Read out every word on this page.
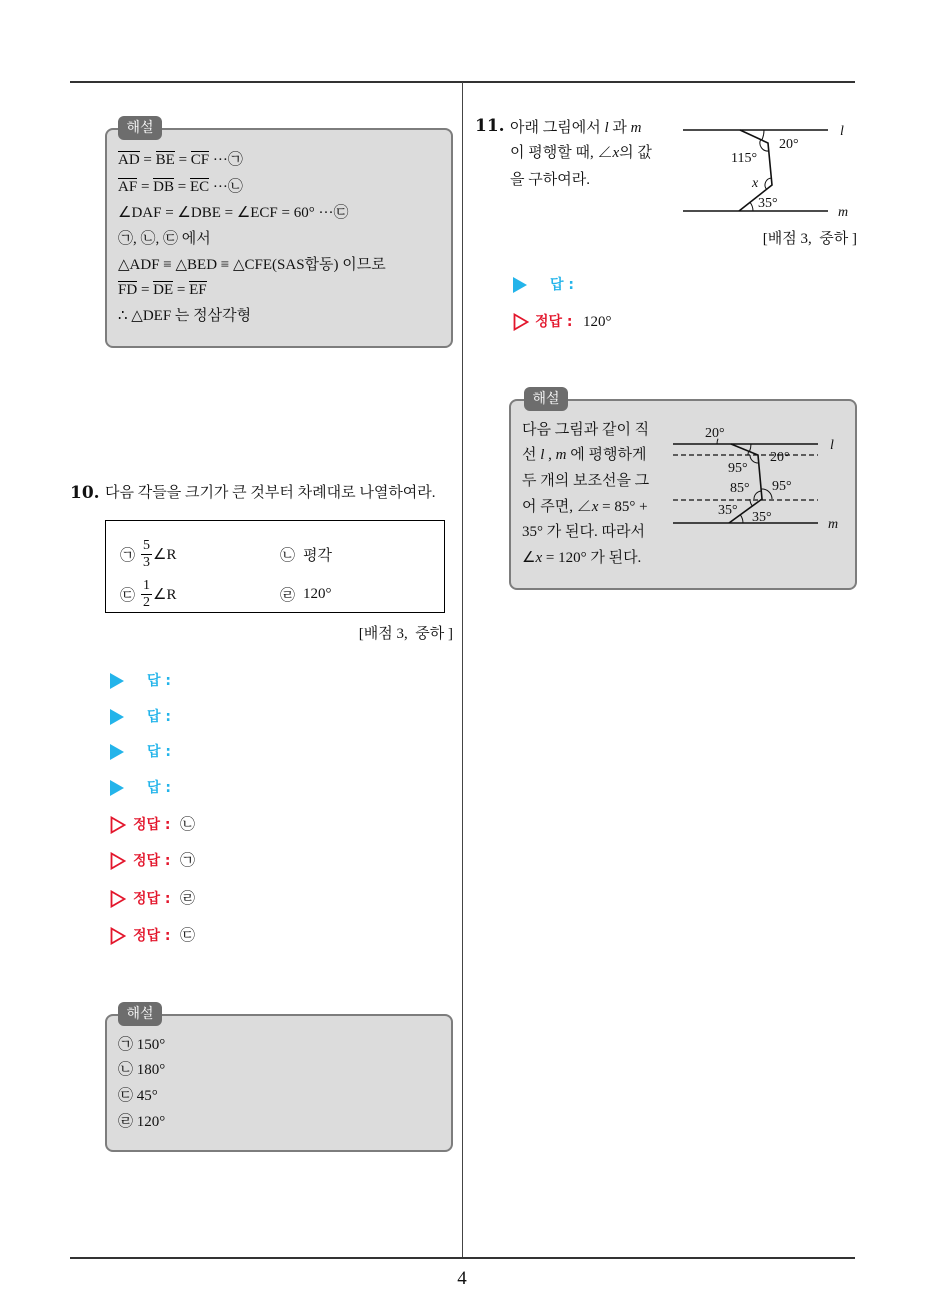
해설
AD = BE = CF ···㉠
AF = DB = EC ···㉡
∠DAF = ∠DBE = ∠ECF = 60° ···㉢
㉠, ㉡, ㉢ 에서
△ADF ≡ △BED ≡ △CFE(SAS합동) 이므로
FD = DE = EF
∴ △DEF 는 정삼각형
10. 다음 각들을 크기가 큰 것부터 차례대로 나열하여라.
㉠ $\frac{5}{3}$ ∠R	㉡ 평각
㉢ $\frac{1}{2}$ ∠R	㉣ 120°
[배점 3,  중하 ]
답 :
답 :
답 :
답 :
정답 : ㉡
정답 : ㉠
정답 : ㉣
정답 : ㉢
해설
㉠ 150°
㉡ 180°
㉢ 45°
㉣ 120°
11. 아래 그림에서 l 과 m
이 평행할 때, ∠x의 값
을 구하여라.
l
m
20°
115°
x
35°
[배점 3,  중하 ]
답 :
정답 : 120°
해설
다음 그림과 같이 직
선 l , m 에 평행하게
두 개의 보조선을 그
어 주면, ∠x = 85° +
35° 가 된다. 따라서
∠x = 120° 가 된다.
l
m
20°
20°
95°
85° 95°
35° 35°
4
